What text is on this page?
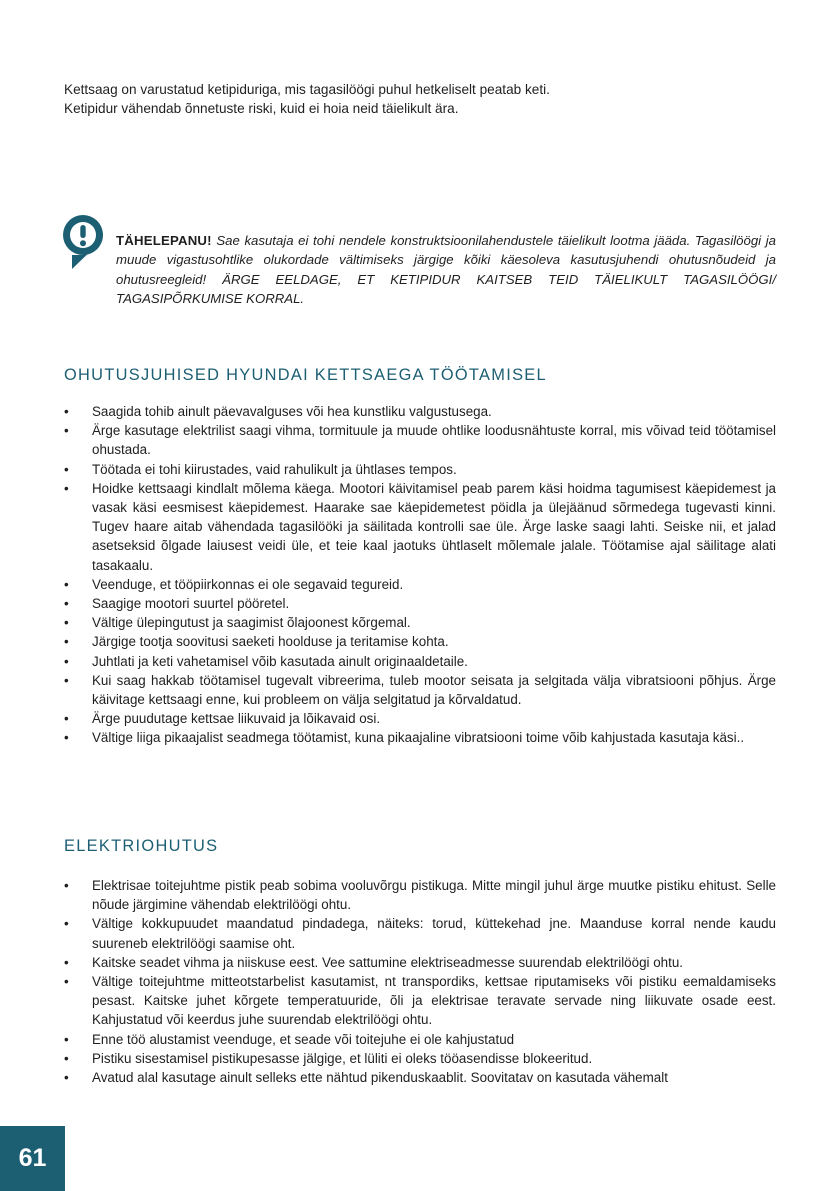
Kettsaag on varustatud ketipiduriga, mis tagasilöögi puhul hetkeliselt peatab keti.

Ketipidur vähendab õnnetuste riski, kuid ei hoia neid täielikult ära.

TÄHELEPANU! Sae kasutaja ei tohi nendele konstruktsioonilahendustele täielikult lootma jääda. Tagasilöögi ja muude vigastusohtlike olukordade vältimiseks järgige kõiki käesoleva kasutusjuhendi ohutusnõudeid ja ohutusreegleid! ÄRGE EELDAGE, ET KETIPIDUR KAITSEB TEID TÄIELIKULT TAGASILÖÖGI/ TAGASIPÕRKUMISE KORRAL.
OHUTUSJUHISED HYUNDAI KETTSAEGA TÖÖTAMISEL
• Saagida tohib ainult päevavalguses või hea kunstliku valgustusega.
• Ärge kasutage elektrilist saagi vihma, tormituule ja muude ohtlike loodusnähtuste korral, mis võivad teid töötamisel ohustada.
• Töötada ei tohi kiirustades, vaid rahulikult ja ühtlases tempos.
• Hoidke kettsaagi kindlalt mõlema käega. Mootori käivitamisel peab parem käsi hoidma tagumisest käepidemest ja vasak käsi eesmisest käepidemest. Haarake sae käepidemetest pöidla ja ülejäänud sõrmedega tugevasti kinni. Tugev haare aitab vähendada tagasilööki ja säilitada kontrolli sae üle. Ärge laske saagi lahti. Seiske nii, et jalad asetseksid õlgade laiusest veidi üle, et teie kaal jaotuks ühtlaselt mõlemale jalale. Töötamise ajal säilitage alati tasakaalu.
• Veenduge, et tööpiirkonnas ei ole segavaid tegureid.
• Saagige mootori suurtel pööretel.
• Vältige ülepingutust ja saagimist õlajoonest kõrgemal.
• Järgige tootja soovitusi saeketi hoolduse ja teritamise kohta.
• Juhtlati ja keti vahetamisel võib kasutada ainult originaaldetaile.
• Kui saag hakkab töötamisel tugevalt vibreerima, tuleb mootor seisata ja selgitada välja vibratsiooni põhjus. Ärge käivitage kettsaagi enne, kui probleem on välja selgitatud ja kõrvaldatud.
• Ärge puudutage kettsae liikuvaid ja lõikavaid osi.
• Vältige liiga pikaajalist seadmega töötamist, kuna pikaajaline vibratsiooni toime võib kahjustada kasutaja käsi..
ELEKTRIOHUTUS
• Elektrisae toitejuhtme pistik peab sobima vooluvõrgu pistikuga. Mitte mingil juhul ärge muutke pistiku ehitust. Selle nõude järgimine vähendab elektrilöögi ohtu.
• Vältige kokkupuudet maandatud pindadega, näiteks: torud, küttekehad jne. Maanduse korral nende kaudu suureneb elektrilöögi saamise oht.
• Kaitske seadet vihma ja niiskuse eest. Vee sattumine elektriseadmesse suurendab elektrilöögi ohtu.
• Vältige toitejuhtme mitteotstarbelist kasutamist, nt transpordiks, kettsae riputamiseks või pistiku eemaldamiseks pesast. Kaitske juhet kõrgete temperatuuride, õli ja elektrisae teravate servade ning liikuvate osade eest. Kahjustatud või keerdus juhe suurendab elektrilöögi ohtu.
• Enne töö alustamist veenduge, et seade või toitejuhe ei ole kahjustatud
• Pistiku sisestamisel pistikupesasse jälgige, et lüliti ei oleks tööasendisse blokeeritud.
• Avatud alal kasutage ainult selleks ette nähtud pikenduskaablit. Soovitatav on kasutada vähemalt
61
